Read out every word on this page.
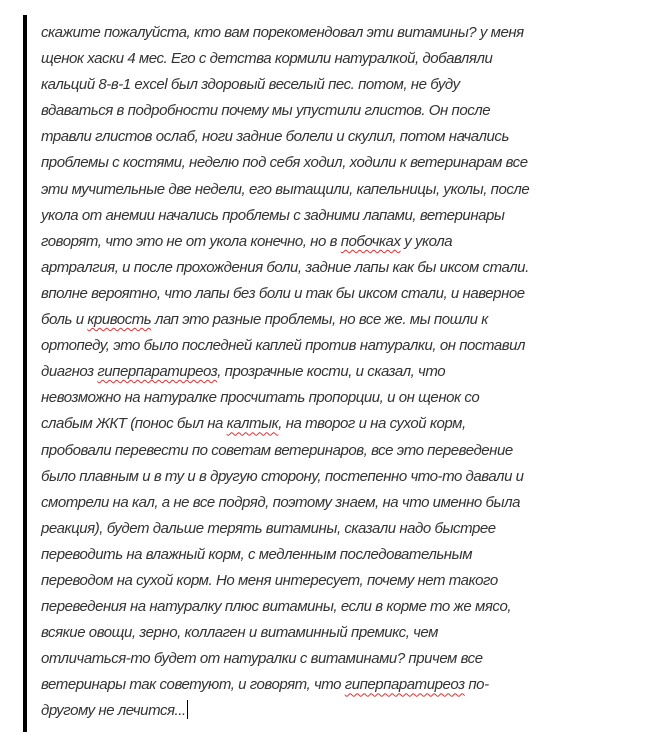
скажите пожалуйста, кто вам порекомендовал эти витамины? у меня
щенок хаски 4 мес. Его с детства кормили натуралкой, добавляли
кальций 8-в-1 excel был здоровый веселый пес. потом, не буду
вдаваться в подробности почему мы упустили глистов. Он после
травли глистов ослаб, ноги задние болели и скулил, потом начались
проблемы с костями, неделю под себя ходил, ходили к ветеринарам все
эти мучительные две недели, его вытащили, капельницы, уколы, после
укола от анемии начались проблемы с задними лапами, ветеринары
говорят, что это не от укола конечно, но в побочках у укола
артралгия, и после прохождения боли, задние лапы как бы иксом стали.
вполне вероятно, что лапы без боли и так бы иксом стали, и наверное
боль и кривость лап это разные проблемы, но все же. мы пошли к
ортопеду, это было последней каплей против натуралки, он поставил
диагноз гиперпаратиреоз, прозрачные кости, и сказал, что
невозможно на натуралке просчитать пропорции, и он щенок со
слабым ЖКТ (понос был на калтык, на творог и на сухой корм,
пробовали перевести по советам ветеринаров, все это переведение
было плавным и в ту и в другую сторону, постепенно что-то давали и
смотрели на кал, а не все подряд, поэтому знаем, на что именно была
реакция), будет дальше терять витамины, сказали надо быстрее
переводить на влажный корм, с медленным последовательным
переводом на сухой корм. Но меня интересует, почему нет такого
переведения на натуралку плюс витамины, если в корме то же мясо,
всякие овощи, зерно, коллаген и витаминный премикс, чем
отличаться-то будет от натуралки с витаминами? причем все
ветеринары так советуют, и говорят, что гиперпаратиреоз по-
другому не лечится...
